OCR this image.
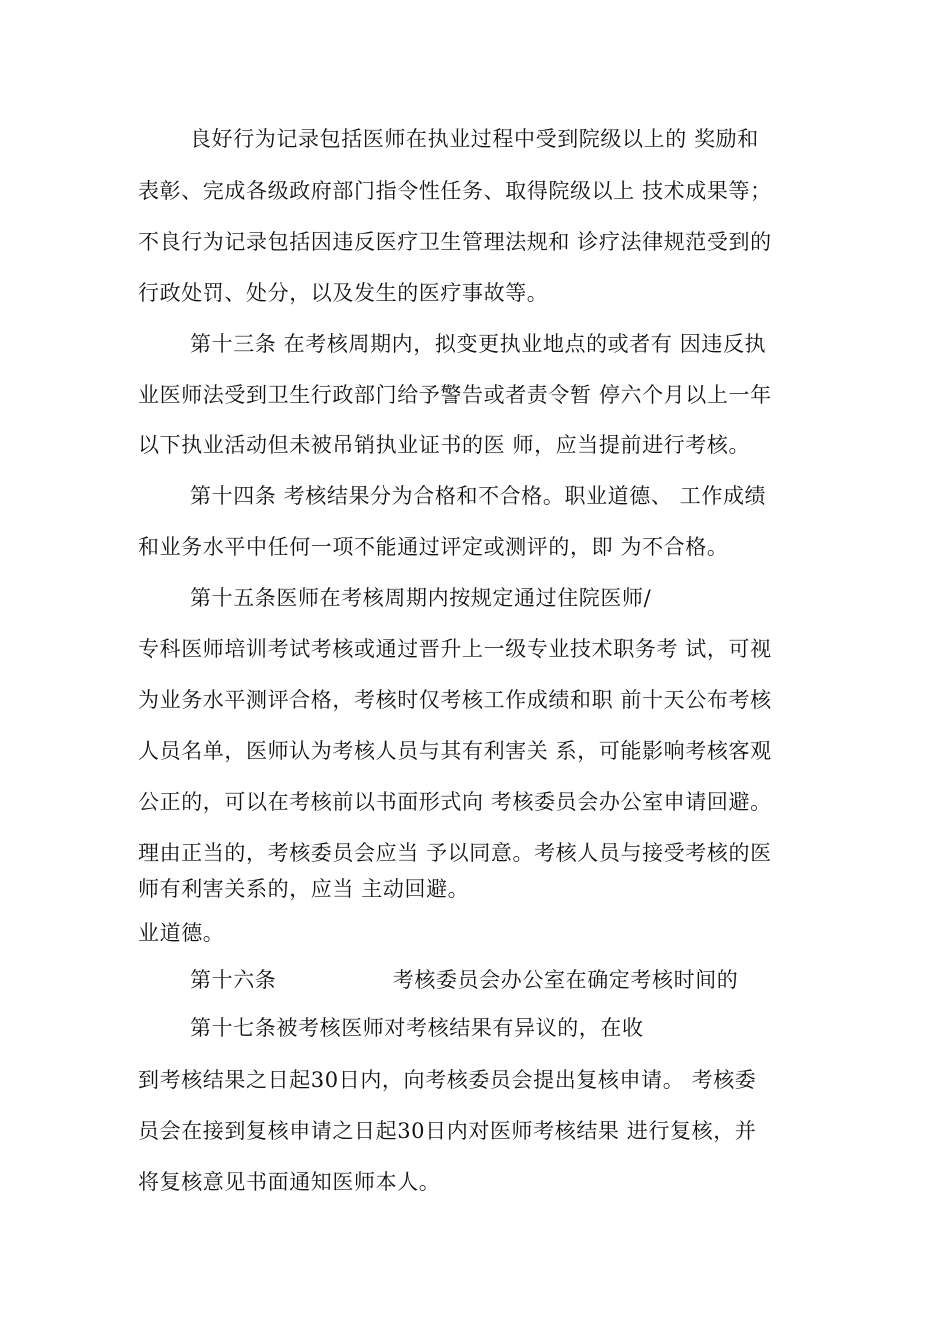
良好行为记录包括医师在执业过程中受到院级以上的 奖励和
表彰、完成各级政府部门指令性任务、取得院级以上 技术成果等；
不良行为记录包括因违反医疗卫生管理法规和 诊疗法律规范受到的
行政处罚、处分，以及发生的医疗事故等。
第十三条 在考核周期内，拟变更执业地点的或者有 因违反执
业医师法受到卫生行政部门给予警告或者责令暂 停六个月以上一年
以下执业活动但未被吊销执业证书的医 师，应当提前进行考核。
第十四条 考核结果分为合格和不合格。职业道德、 工作成绩
和业务水平中任何一项不能通过评定或测评的，即 为不合格。
第十五条医师在考核周期内按规定通过住院医师/
专科医师培训考试考核或通过晋升上一级专业技术职务考 试，可视
为业务水平测评合格，考核时仅考核工作成绩和职 前十天公布考核
人员名单，医师认为考核人员与其有利害关 系，可能影响考核客观
公正的，可以在考核前以书面形式向 考核委员会办公室申请回避。
理由正当的，考核委员会应当 予以同意。考核人员与接受考核的医
师有利害关系的，应当 主动回避。
业道德。
第十六条                考核委员会办公室在确定考核时间的
第十七条被考核医师对考核结果有异议的，在收
到考核结果之日起30日内，向考核委员会提出复核申请。 考核委
员会在接到复核申请之日起30日内对医师考核结果 进行复核，并
将复核意见书面通知医师本人。
